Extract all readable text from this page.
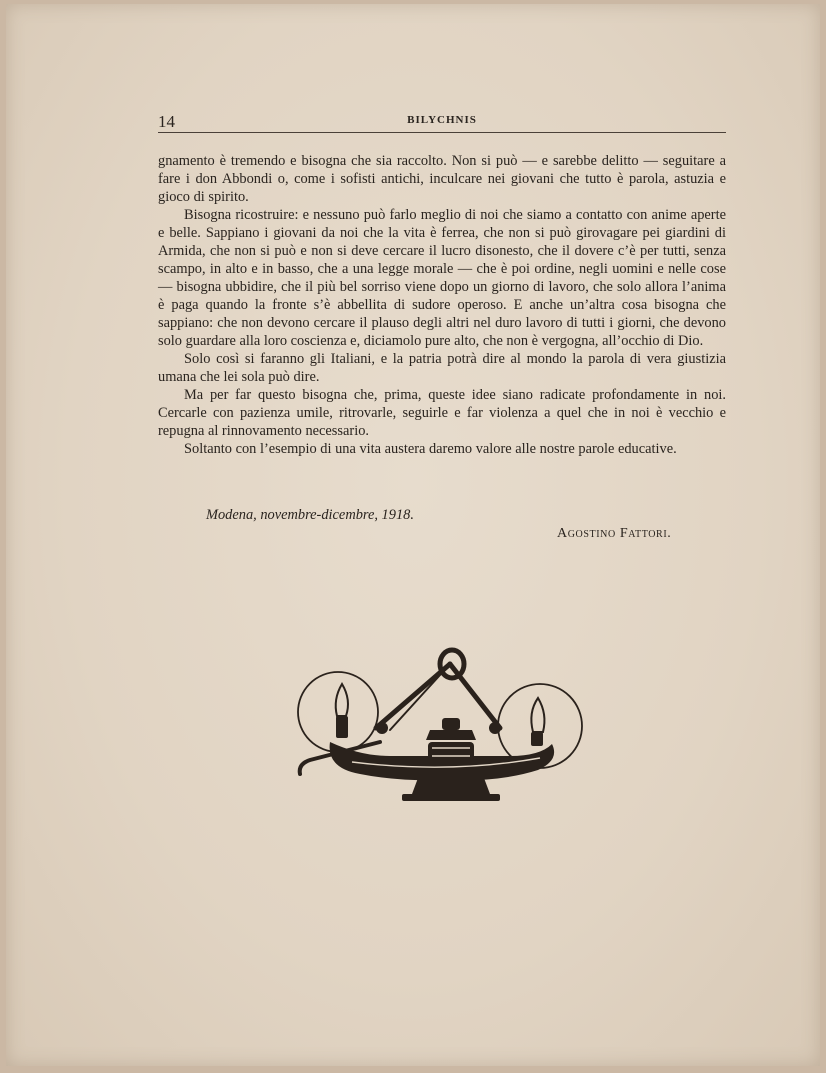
14	BILYCHNIS

gnamento è tremendo e bisogna che sia raccolto. Non si può — e sarebbe delitto — seguitare a fare i don Abbondi o, come i sofisti antichi, inculcare nei giovani che tutto è parola, astuzia e gioco di spirito.

Bisogna ricostruire: e nessuno può farlo meglio di noi che siamo a contatto con anime aperte e belle. Sappiano i giovani da noi che la vita è ferrea, che non si può girovagare pei giardini di Armida, che non si può e non si deve cercare il lucro disonesto, che il dovere c’è per tutti, senza scampo, in alto e in basso, che a una legge morale — che è poi ordine, negli uomini e nelle cose — bisogna ubbidire, che il più bel sorriso viene dopo un giorno di lavoro, che solo allora l’anima è paga quando la fronte s’è abbellita di sudore operoso. E anche un’altra cosa bisogna che sappiano: che non devono cercare il plauso degli altri nel duro lavoro di tutti i giorni, che devono solo guardare alla loro coscienza e, diciamolo pure alto, che non è vergogna, all’occhio di Dio.

Solo così si faranno gli Italiani, e la patria potrà dire al mondo la parola di vera giustizia umana che lei sola può dire.

Ma per far questo bisogna che, prima, queste idee siano radicate profondamente in noi. Cercarle con pazienza umile, ritrovarle, seguirle e far violenza a quel che in noi è vecchio e repugna al rinnovamento necessario.

Soltanto con l’esempio di una vita austera daremo valore alle nostre parole educative.

Modena, novembre-dicembre, 1918.
Agostino Fattori.
